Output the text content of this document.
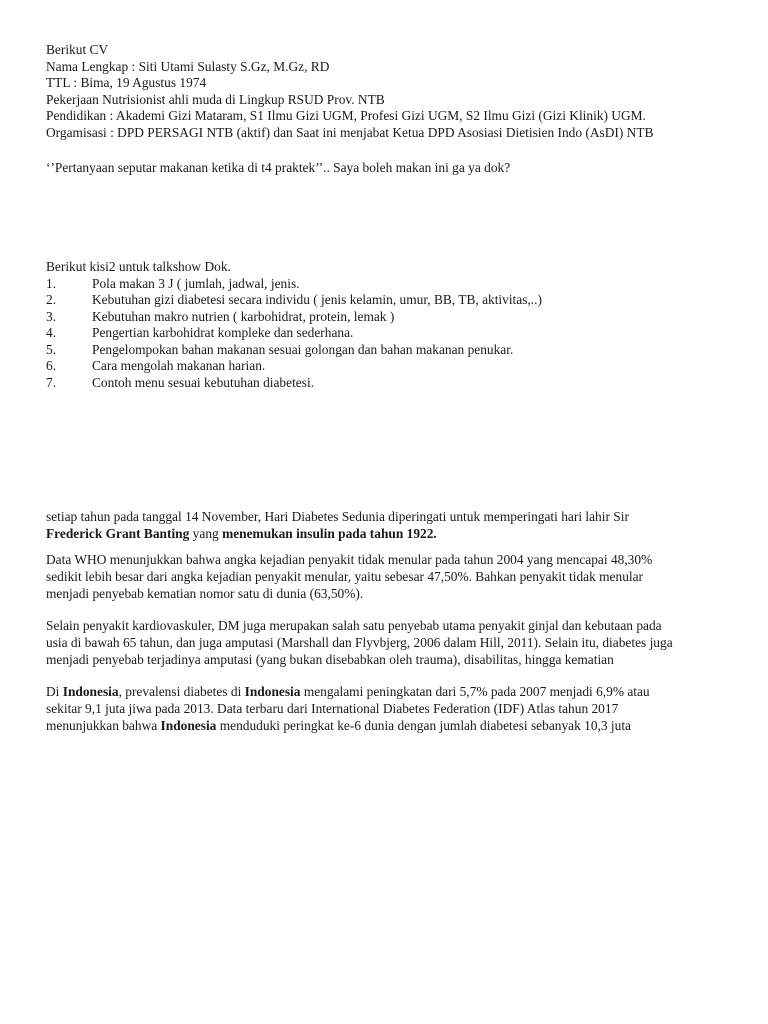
Berikut CV
Nama Lengkap : Siti Utami Sulasty S.Gz, M.Gz, RD
TTL : Bima, 19 Agustus 1974
Pekerjaan Nutrisionist ahli muda di Lingkup RSUD Prov. NTB
Pendidikan : Akademi Gizi Mataram, S1 Ilmu Gizi UGM, Profesi Gizi UGM, S2 Ilmu Gizi (Gizi Klinik) UGM.
Orgamisasi : DPD PERSAGI NTB (aktif) dan Saat ini menjabat Ketua DPD Asosiasi Dietisien Indo (AsDI) NTB
‘’Pertanyaan seputar makanan ketika di t4 praktek’’.. Saya boleh makan ini ga ya dok?
Berikut kisi2 untuk talkshow Dok.
1.	Pola makan 3 J ( jumlah, jadwal, jenis.
2.	Kebutuhan gizi diabetesi secara individu ( jenis kelamin, umur, BB, TB, aktivitas,..)
3.	Kebutuhan makro nutrien ( karbohidrat, protein, lemak )
4.	Pengertian karbohidrat kompleke dan sederhana.
5.	Pengelompokan bahan makanan sesuai golongan dan bahan makanan penukar.
6.	Cara mengolah makanan harian.
7.	Contoh menu sesuai kebutuhan diabetesi.
setiap tahun pada tanggal 14 November, Hari Diabetes Sedunia diperingati untuk memperingati hari lahir Sir
Frederick Grant Banting yang menemukan insulin pada tahun 1922.
Data WHO menunjukkan bahwa angka kejadian penyakit tidak menular pada tahun 2004 yang mencapai 48,30%
sedikit lebih besar dari angka kejadian penyakit menular, yaitu sebesar 47,50%. Bahkan penyakit tidak menular
menjadi penyebab kematian nomor satu di dunia (63,50%).
Selain penyakit kardiovaskuler, DM juga merupakan salah satu penyebab utama penyakit ginjal dan kebutaan pada
usia di bawah 65 tahun, dan juga amputasi (Marshall dan Flyvbjerg, 2006 dalam Hill, 2011). Selain itu, diabetes juga
menjadi penyebab terjadinya amputasi (yang bukan disebabkan oleh trauma), disabilitas, hingga kematian
Di Indonesia, prevalensi diabetes di Indonesia mengalami peningkatan dari 5,7% pada 2007 menjadi 6,9% atau
sekitar 9,1 juta jiwa pada 2013. Data terbaru dari International Diabetes Federation (IDF) Atlas tahun 2017
menunjukkan bahwa Indonesia menduduki peringkat ke-6 dunia dengan jumlah diabetesi sebanyak 10,3 juta
